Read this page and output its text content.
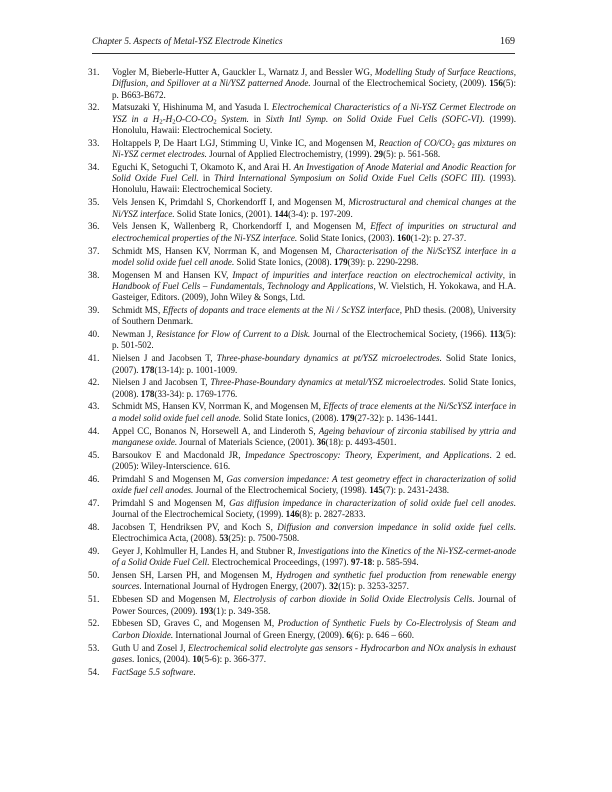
Chapter 5. Aspects of Metal-YSZ Electrode Kinetics	169
31. Vogler M, Bieberle-Hutter A, Gauckler L, Warnatz J, and Bessler WG, Modelling Study of Surface Reactions, Diffusion, and Spillover at a Ni/YSZ patterned Anode. Journal of the Electrochemical Society, (2009). 156(5): p. B663-B672.
32. Matsuzaki Y, Hishinuma M, and Yasuda I. Electrochemical Characteristics of a Ni-YSZ Cermet Electrode on YSZ in a $H_2-H_2O-CO-CO_2$ System. in Sixth Intl Symp. on Solid Oxide Fuel Cells (SOFC-VI). (1999). Honolulu, Hawaii: Electrochemical Society.
33. Holtappels P, De Haart LGJ, Stimming U, Vinke IC, and Mogensen M, Reaction of $CO/CO_2$ gas mixtures on Ni-YSZ cermet electrodes. Journal of Applied Electrochemistry, (1999). 29(5): p. 561-568.
34. Eguchi K, Setoguchi T, Okamoto K, and Arai H. An Investigation of Anode Material and Anodic Reaction for Solid Oxide Fuel Cell. in Third International Symposium on Solid Oxide Fuel Cells (SOFC III). (1993). Honolulu, Hawaii: Electrochemical Society.
35. Vels Jensen K, Primdahl S, Chorkendorff I, and Mogensen M, Microstructural and chemical changes at the Ni/YSZ interface. Solid State Ionics, (2001). 144(3-4): p. 197-209.
36. Vels Jensen K, Wallenberg R, Chorkendorff I, and Mogensen M, Effect of impurities on structural and electrochemical properties of the Ni-YSZ interface. Solid State Ionics, (2003). 160(1-2): p. 27-37.
37. Schmidt MS, Hansen KV, Norrman K, and Mogensen M, Characterisation of the Ni/ScYSZ interface in a model solid oxide fuel cell anode. Solid State Ionics, (2008). 179(39): p. 2290-2298.
38. Mogensen M and Hansen KV, Impact of impurities and interface reaction on electrochemical activity, in Handbook of Fuel Cells – Fundamentals, Technology and Applications, W. Vielstich, H. Yokokawa, and H.A. Gasteiger, Editors. (2009), John Wiley & Songs, Ltd.
39. Schmidt MS, Effects of dopants and trace elements at the Ni / ScYSZ interface, PhD thesis. (2008), University of Southern Denmark.
40. Newman J, Resistance for Flow of Current to a Disk. Journal of the Electrochemical Society, (1966). 113(5): p. 501-502.
41. Nielsen J and Jacobsen T, Three-phase-boundary dynamics at pt/YSZ microelectrodes. Solid State Ionics, (2007). 178(13-14): p. 1001-1009.
42. Nielsen J and Jacobsen T, Three-Phase-Boundary dynamics at metal/YSZ microelectrodes. Solid State Ionics, (2008). 178(33-34): p. 1769-1776.
43. Schmidt MS, Hansen KV, Norrman K, and Mogensen M, Effects of trace elements at the Ni/ScYSZ interface in a model solid oxide fuel cell anode. Solid State Ionics, (2008). 179(27-32): p. 1436-1441.
44. Appel CC, Bonanos N, Horsewell A, and Linderoth S, Ageing behaviour of zirconia stabilised by yttria and manganese oxide. Journal of Materials Science, (2001). 36(18): p. 4493-4501.
45. Barsoukov E and Macdonald JR, Impedance Spectroscopy: Theory, Experiment, and Applications. 2 ed. (2005): Wiley-Interscience. 616.
46. Primdahl S and Mogensen M, Gas conversion impedance: A test geometry effect in characterization of solid oxide fuel cell anodes. Journal of the Electrochemical Society, (1998). 145(7): p. 2431-2438.
47. Primdahl S and Mogensen M, Gas diffusion impedance in characterization of solid oxide fuel cell anodes. Journal of the Electrochemical Society, (1999). 146(8): p. 2827-2833.
48. Jacobsen T, Hendriksen PV, and Koch S, Diffusion and conversion impedance in solid oxide fuel cells. Electrochimica Acta, (2008). 53(25): p. 7500-7508.
49. Geyer J, Kohlmuller H, Landes H, and Stubner R, Investigations into the Kinetics of the Ni-YSZ-cermet-anode of a Solid Oxide Fuel Cell. Electrochemical Proceedings, (1997). 97-18: p. 585-594.
50. Jensen SH, Larsen PH, and Mogensen M, Hydrogen and synthetic fuel production from renewable energy sources. International Journal of Hydrogen Energy, (2007). 32(15): p. 3253-3257.
51. Ebbesen SD and Mogensen M, Electrolysis of carbon dioxide in Solid Oxide Electrolysis Cells. Journal of Power Sources, (2009). 193(1): p. 349-358.
52. Ebbesen SD, Graves C, and Mogensen M, Production of Synthetic Fuels by Co-Electrolysis of Steam and Carbon Dioxide. International Journal of Green Energy, (2009). 6(6): p. 646 – 660.
53. Guth U and Zosel J, Electrochemical solid electrolyte gas sensors - Hydrocarbon and NOx analysis in exhaust gases. Ionics, (2004). 10(5-6): p. 366-377.
54. FactSage 5.5 software.
